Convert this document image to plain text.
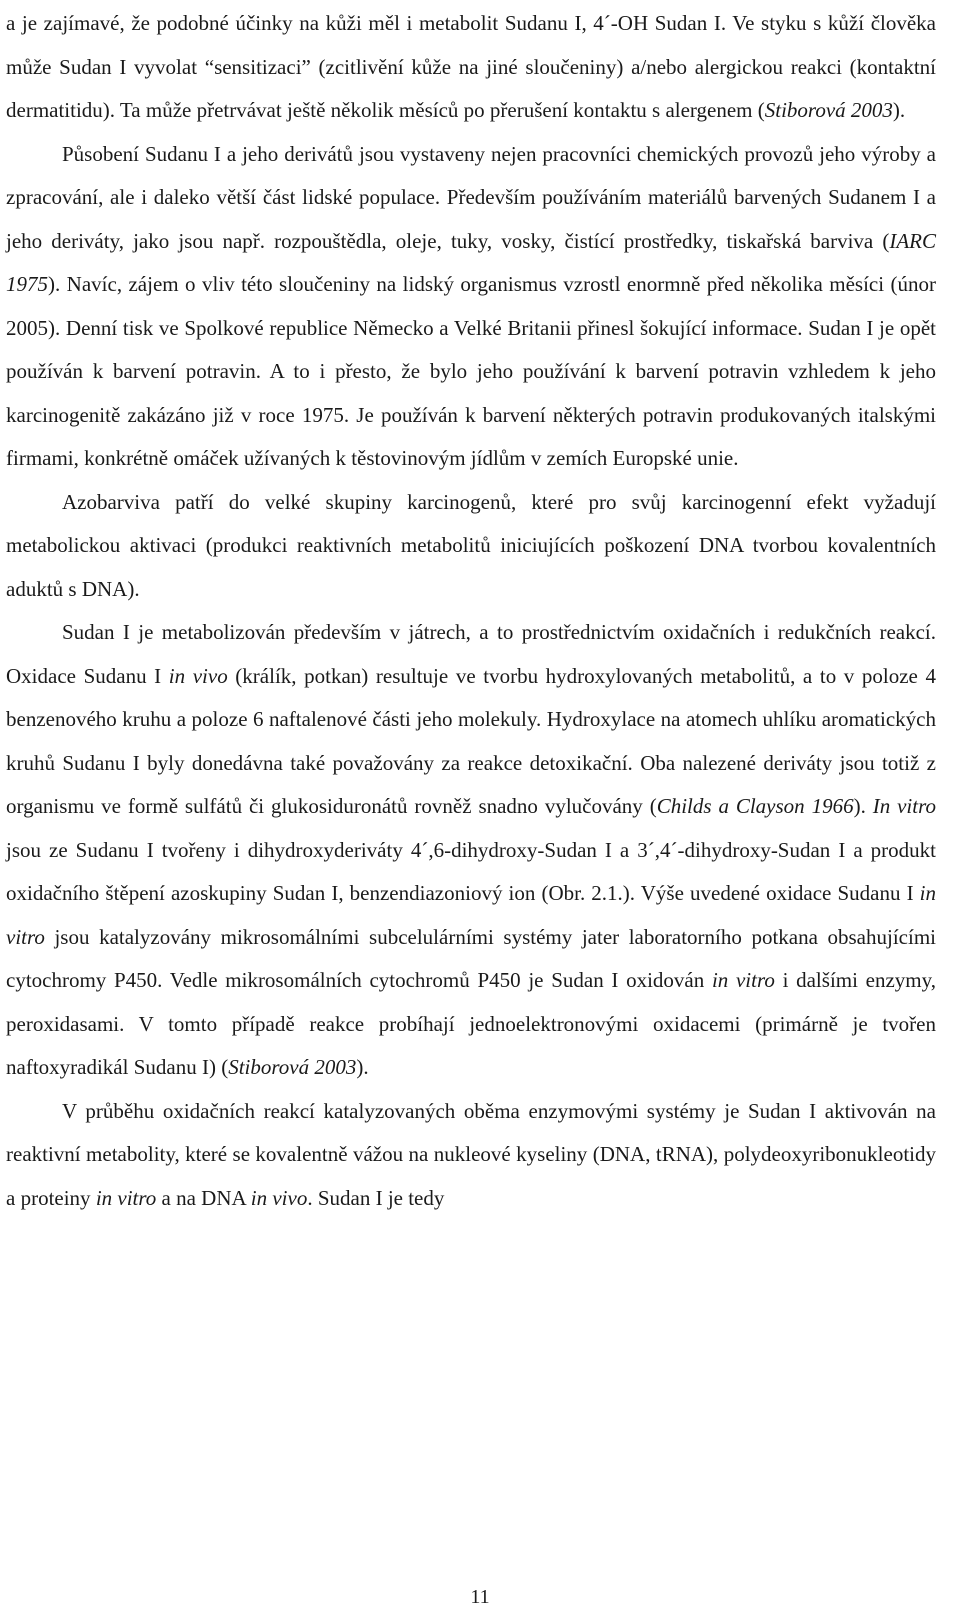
a je zajímavé, že podobné účinky na kůži měl i metabolit Sudanu I, 4´-OH Sudan I. Ve styku s kůží člověka může Sudan I vyvolat “sensitizaci” (zcitlivění kůže na jiné sloučeniny) a/nebo alergickou reakci (kontaktní dermatitidu). Ta může přetrvávat ještě několik měsíců po přerušení kontaktu s alergenem (Stiborová 2003).

Působení Sudanu I a jeho derivátů jsou vystaveny nejen pracovníci chemických provozů jeho výroby a zpracování, ale i daleko větší část lidské populace. Především používáním materiálů barvených Sudanem I a jeho deriváty, jako jsou např. rozpouštědla, oleje, tuky, vosky, čistící prostředky, tiskařská barviva (IARC 1975). Navíc, zájem o vliv této sloučeniny na lidský organismus vzrostl enormně před několika měsíci (únor 2005). Denní tisk ve Spolkové republice Německo a Velké Britanii přinesl šokující informace. Sudan I je opět používán k barvení potravin. A to i přesto, že bylo jeho používání k barvení potravin vzhledem k jeho karcinogenitě zakázáno již v roce 1975. Je používán k barvení některých potravin produkovaných italskými firmami, konkrétně omáček užívaných k těstovinovým jídlům v zemích Europské unie.

Azobarviva patří do velké skupiny karcinogenů, které pro svůj karcinogenní efekt vyžadují metabolickou aktivaci (produkci reaktivních metabolitů iniciujících poškození DNA tvorbou kovalentních aduktů s DNA).

Sudan I je metabolizován především v játrech, a to prostřednictvím oxidačních i redukčních reakcí. Oxidace Sudanu I in vivo (králík, potkan) resultuje ve tvorbu hydroxylovaných metabolitů, a to v poloze 4 benzenového kruhu a poloze 6 naftalenové části jeho molekuly. Hydroxylace na atomech uhlíku aromatických kruhů Sudanu I byly donedávna také považovány za reakce detoxikační. Oba nalezené deriváty jsou totiž z organismu ve formě sulfátů či glukosiduronátů rovněž snadno vylučovány (Childs a Clayson 1966). In vitro jsou ze Sudanu I tvořeny i dihydroxyderiváty 4´,6-dihydroxy-Sudan I a 3´,4´-dihydroxy-Sudan I a produkt oxidačního štěpení azoskupiny Sudan I, benzendiazoniový ion (Obr. 2.1.). Výše uvedené oxidace Sudanu I in vitro jsou katalyzovány mikrosomálními subcelulárními systémy jater laboratorního potkana obsahujícími cytochromy P450. Vedle mikrosomálních cytochromů P450 je Sudan I oxidován in vitro i dalšími enzymy, peroxidasami. V tomto případě reakce probíhají jednoelektronovými oxidacemi (primárně je tvořen naftoxyradikál Sudanu I) (Stiborová 2003).

V průběhu oxidačních reakcí katalyzovaných oběma enzymovými systémy je Sudan I aktivován na reaktivní metabolity, které se kovalentně vážou na nukleové kyseliny (DNA, tRNA), polydeoxyribonukleotidy a proteiny in vitro a na DNA in vivo. Sudan I je tedy

11
